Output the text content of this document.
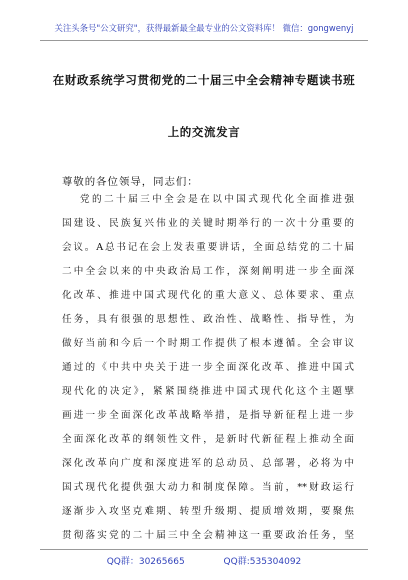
关注头条号"公文研究"，获得最新最全最专业的公文资料库！ 微信：gongwenyj
在财政系统学习贯彻党的二十届三中全会精神专题读书班
上的交流发言
尊敬的各位领导，同志们：
党的二十届三中全会是在以中国式现代化全面推进强
国建设、民族复兴伟业的关键时期举行的一次十分重要的
会议。A总书记在会上发表重要讲话，全面总结党的二十届
二中全会以来的中央政治局工作，深刻阐明进一步全面深
化改革、推进中国式现代化的重大意义、总体要求、重点
任务，具有很强的思想性、政治性、战略性、指导性，为
做好当前和今后一个时期工作提供了根本遵循。全会审议
通过的《中共中央关于进一步全面深化改革、推进中国式
现代化的决定》，紧紧围绕推进中国式现代化这个主题擘
画进一步全面深化改革战略举措，是指导新征程上进一步
全面深化改革的纲领性文件，是新时代新征程上推动全面
深化改革向广度和深度进军的总动员、总部署，必将为中
国式现代化提供强大动力和制度保障。当前，**财政运行
逐渐步入攻坚克难期、转型升级期、提质增效期，要聚焦
贯彻落实党的二十届三中全会精神这一重要政治任务，坚
QQ群：30265665	QQ群:535304092
